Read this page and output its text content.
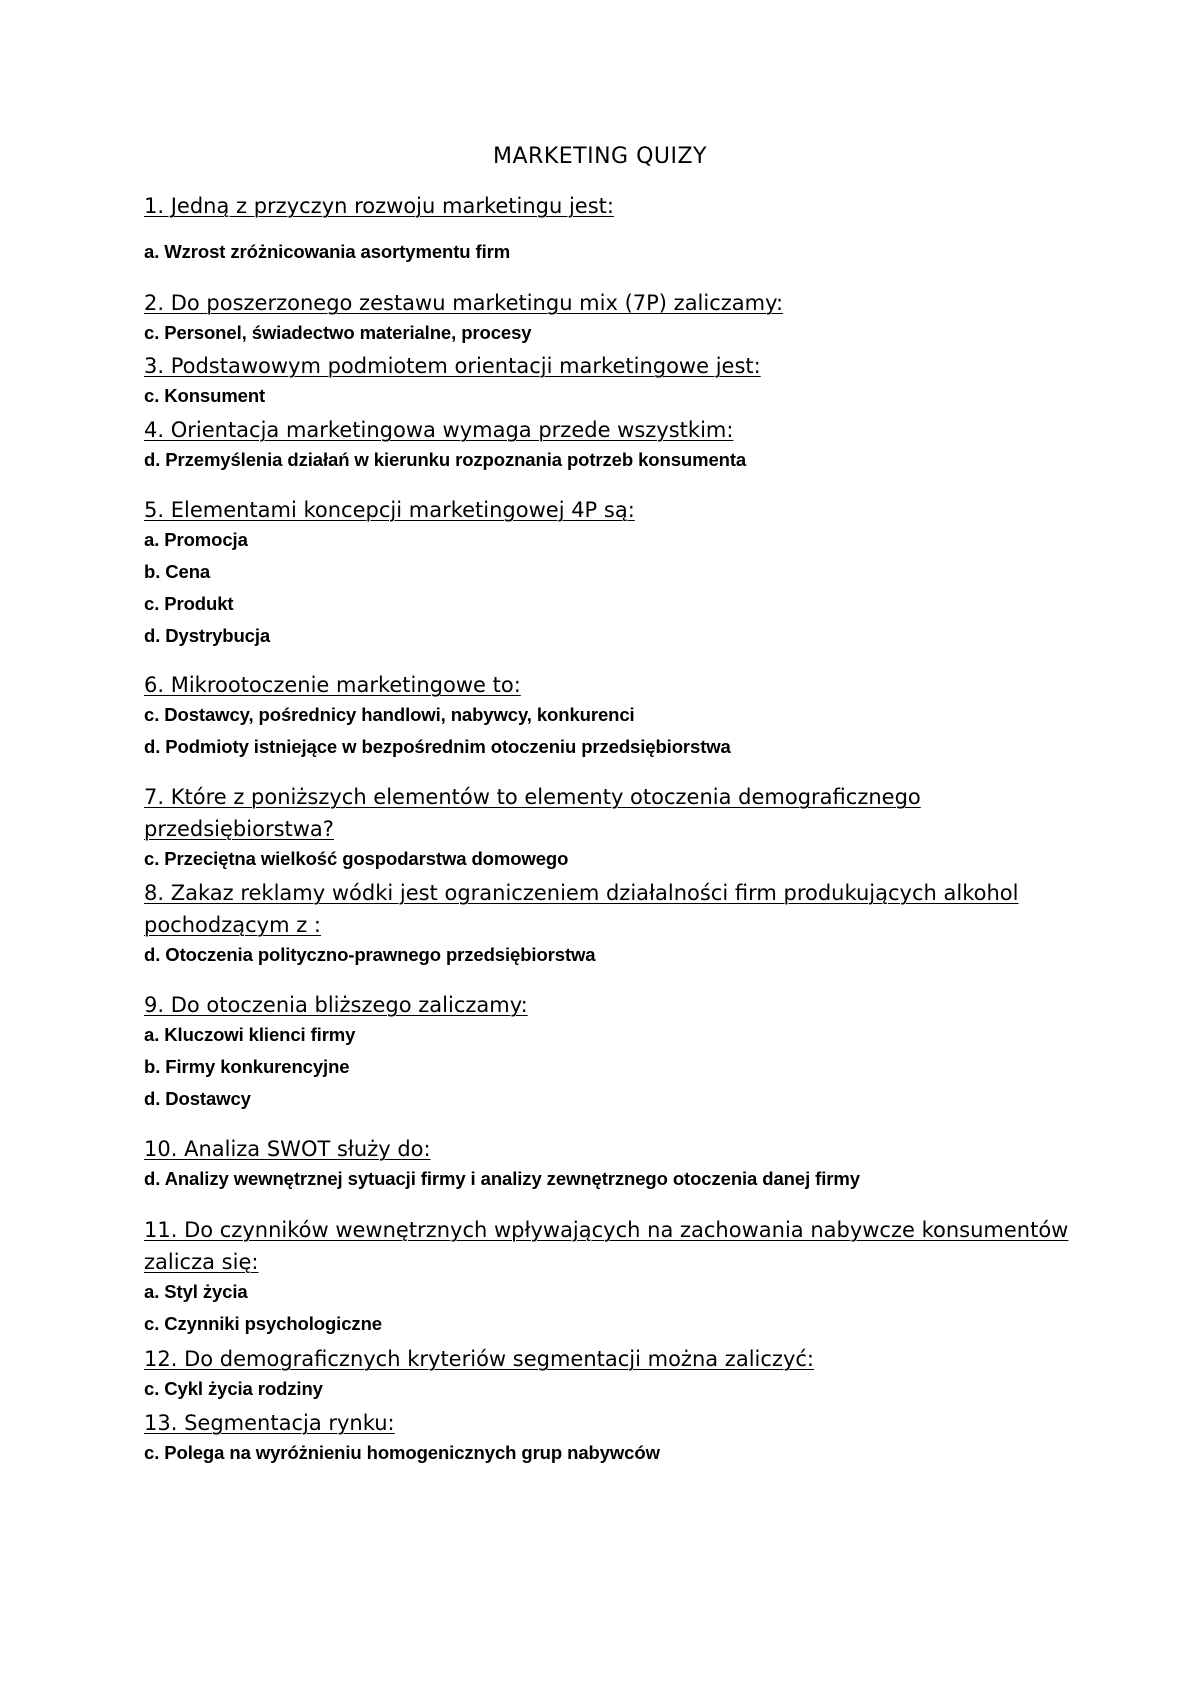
MARKETING QUIZY

1. Jedną z przyczyn rozwoju marketingu jest:

a. Wzrost zróżnicowania asortymentu firm

2. Do poszerzonego zestawu marketingu mix (7P) zaliczamy:

c. Personel, świadectwo materialne, procesy

3. Podstawowym podmiotem orientacji marketingowe jest:

c. Konsument

4. Orientacja marketingowa wymaga przede wszystkim:

d. Przemyślenia działań w kierunku rozpoznania potrzeb konsumenta

5. Elementami koncepcji marketingowej 4P są:

a. Promocja

b. Cena

c. Produkt

d. Dystrybucja

6. Mikrootoczenie marketingowe to:

c. Dostawcy, pośrednicy handlowi, nabywcy, konkurenci

d. Podmioty istniejące w bezpośrednim otoczeniu przedsiębiorstwa

7. Które z poniższych elementów to elementy otoczenia demograficznego przedsiębiorstwa?

c. Przeciętna wielkość gospodarstwa domowego

8. Zakaz reklamy wódki jest ograniczeniem działalności firm produkujących alkohol pochodzącym z :

d. Otoczenia polityczno-prawnego przedsiębiorstwa

9. Do otoczenia bliższego zaliczamy:

a. Kluczowi klienci firmy

b. Firmy konkurencyjne

d. Dostawcy

10. Analiza SWOT służy do:

d. Analizy wewnętrznej sytuacji firmy i analizy zewnętrznego otoczenia danej firmy

11. Do czynników wewnętrznych wpływających na zachowania nabywcze konsumentów zalicza się:

a. Styl życia

c. Czynniki psychologiczne

12. Do demograficznych kryteriów segmentacji można zaliczyć:

c. Cykl życia rodziny

13. Segmentacja rynku:

c. Polega na wyróżnieniu homogenicznych grup nabywców
